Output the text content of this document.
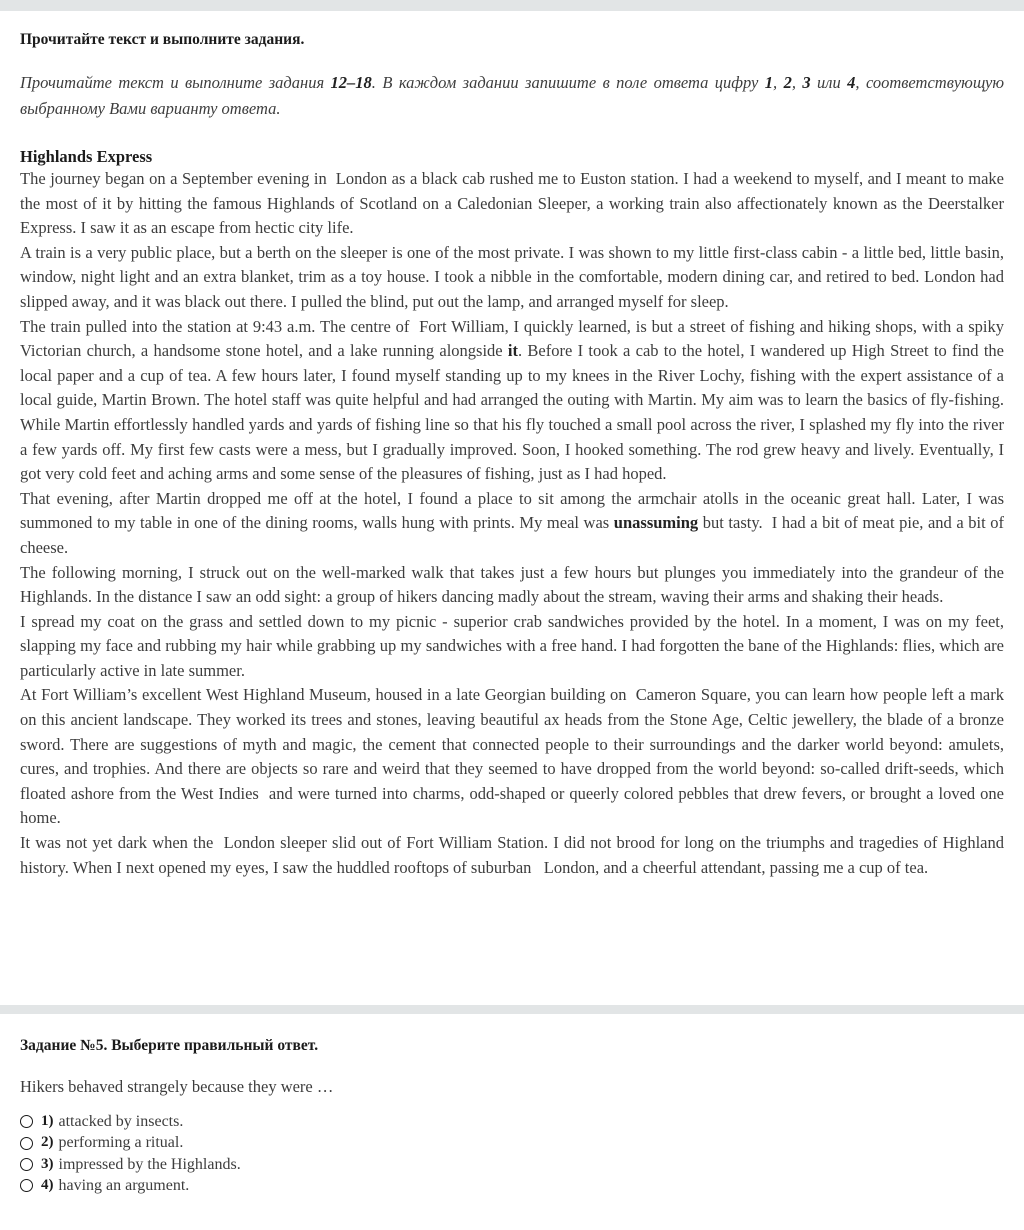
Прочитайте текст и выполните задания.

Прочитайте текст и выполните задания 12–18. В каждом задании запишите в поле ответа цифру 1, 2, 3 или 4, соответствующую выбранному Вами варианту ответа.

Highlands Express

The journey began on a September evening in  London as a black cab rushed me to Euston station. I had a weekend to myself, and I meant to make the most of it by hitting the famous Highlands of Scotland on a Caledonian Sleeper, a working train also affectionately known as the Deerstalker Express. I saw it as an escape from hectic city life.

A train is a very public place, but a berth on the sleeper is one of the most private. I was shown to my little first-class cabin - a little bed, little basin, window, night light and an extra blanket, trim as a toy house. I took a nibble in the comfortable, modern dining car, and retired to bed. London had slipped away, and it was black out there. I pulled the blind, put out the lamp, and arranged myself for sleep.

The train pulled into the station at 9:43 a.m. The centre of  Fort William, I quickly learned, is but a street of fishing and hiking shops, with a spiky Victorian church, a handsome stone hotel, and a lake running alongside it. Before I took a cab to the hotel, I wandered up High Street to find the local paper and a cup of tea. A few hours later, I found myself standing up to my knees in the River Lochy, fishing with the expert assistance of a local guide, Martin Brown. The hotel staff was quite helpful and had arranged the outing with Martin. My aim was to learn the basics of fly-fishing. While Martin effortlessly handled yards and yards of fishing line so that his fly touched a small pool across the river, I splashed my fly into the river a few yards off. My first few casts were a mess, but I gradually improved. Soon, I hooked something. The rod grew heavy and lively. Eventually, I got very cold feet and aching arms and some sense of the pleasures of fishing, just as I had hoped.

That evening, after Martin dropped me off at the hotel, I found a place to sit among the armchair atolls in the oceanic great hall. Later, I was summoned to my table in one of the dining rooms, walls hung with prints. My meal was unassuming but tasty.  I had a bit of meat pie, and a bit of cheese.

The following morning, I struck out on the well-marked walk that takes just a few hours but plunges you immediately into the grandeur of the Highlands. In the distance I saw an odd sight: a group of hikers dancing madly about the stream, waving their arms and shaking their heads.

I spread my coat on the grass and settled down to my picnic - superior crab sandwiches provided by the hotel. In a moment, I was on my feet, slapping my face and rubbing my hair while grabbing up my sandwiches with a free hand. I had forgotten the bane of the Highlands: flies, which are particularly active in late summer.

At Fort William’s excellent West Highland Museum, housed in a late Georgian building on  Cameron Square, you can learn how people left a mark on this ancient landscape. They worked its trees and stones, leaving beautiful ax heads from the Stone Age, Celtic jewellery, the blade of a bronze sword. There are suggestions of myth and magic, the cement that connected people to their surroundings and the darker world beyond: amulets, cures, and trophies. And there are objects so rare and weird that they seemed to have dropped from the world beyond: so-called drift-seeds, which floated ashore from the West Indies  and were turned into charms, odd-shaped or queerly colored pebbles that drew fevers, or brought a loved one home.

It was not yet dark when the  London sleeper slid out of Fort William Station. I did not brood for long on the triumphs and tragedies of Highland history. When I next opened my eyes, I saw the huddled rooftops of suburban   London, and a cheerful attendant, passing me a cup of tea.

Задание №5. Выберите правильный ответ.

Hikers behaved strangely because they were …

1) attacked by insects.
2) performing a ritual.
3) impressed by the Highlands.
4) having an argument.
